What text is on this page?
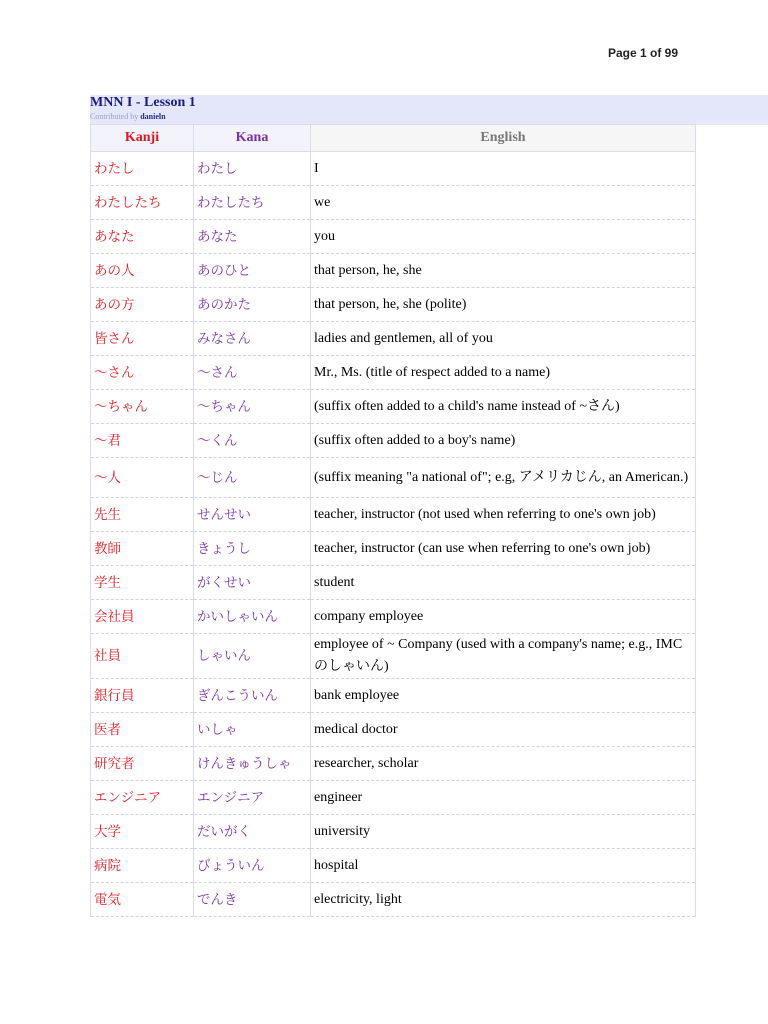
Page 1 of 99
MNN I - Lesson 1
Contributed by danieln
Kanji	Kana	English
わたし	わたし	I
わたしたち	わたしたち	we
あなた	あなた	you
あの人	あのひと	that person, he, she
あの方	あのかた	that person, he, she (polite)
皆さん	みなさん	ladies and gentlemen, all of you
～さん	～さん	Mr., Ms. (title of respect added to a name)
～ちゃん	～ちゃん	(suffix often added to a child's name instead of ~さん)
～君	～くん	(suffix often added to a boy's name)
～人	～じん	(suffix meaning "a national of"; e.g, アメリカじん, an American.)
先生	せんせい	teacher, instructor (not used when referring to one's own job)
教師	きょうし	teacher, instructor (can use when referring to one's own job)
学生	がくせい	student
会社員	かいしゃいん	company employee
社員	しゃいん	employee of ~ Company (used with a company's name; e.g., IMCのしゃいん)
銀行員	ぎんこういん	bank employee
医者	いしゃ	medical doctor
研究者	けんきゅうしゃ	researcher, scholar
エンジニア	エンジニア	engineer
大学	だいがく	university
病院	びょういん	hospital
電気	でんき	electricity, light
